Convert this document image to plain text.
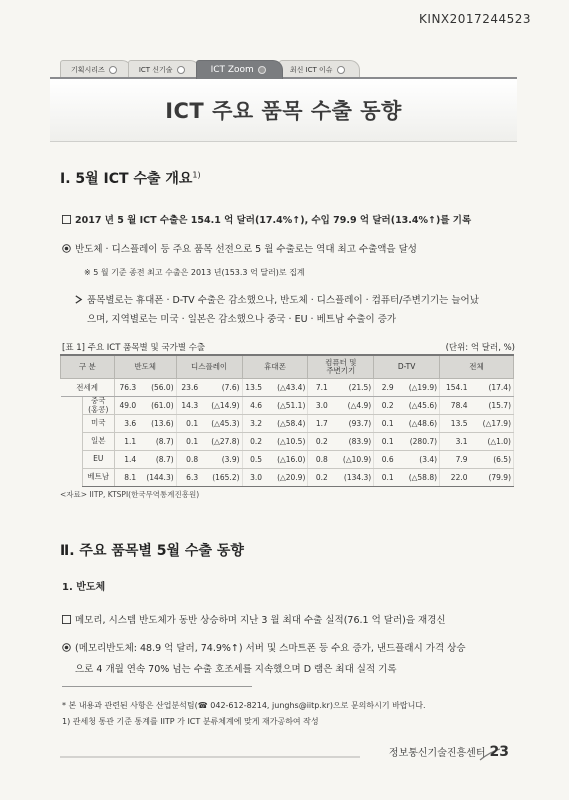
KINX2017244523
기획시리즈	ICT 신기술	ICT Zoom	최신 ICT 이슈
ICT 주요 품목 수출 동향
Ⅰ. 5월 ICT 수출 개요$^{1)}$
2017 년 5 월 ICT 수출은 154.1 억 달러(17.4%↑), 수입 79.9 억 달러(13.4%↑)를 기록
반도체 · 디스플레이 등 주요 품목 선전으로 5 월 수출로는 역대 최고 수출액을 달성
※ 5 월 기준 종전 최고 수출은 2013 년(153.3 억 달러)로 집계
품목별로는 휴대폰 · D-TV 수출은 감소했으나, 반도체 · 디스플레이 · 컴퓨터/주변기기는 늘어났
으며, 지역별로는 미국 · 일본은 감소했으나 중국 · EU · 베트남 수출이 증가
[표 1] 주요 ICT 품목별 및 국가별 수출	(단위: 억 달러, %)
구 분		반도체		디스플레이		휴대폰		컴퓨터 및
주변기기		D-TV		전체	
전세계		76.3	(56.0)	23.6	(7.6)	13.5	(△43.4)	7.1	(21.5)	2.9	(△19.9)	154.1	(17.4)
	중국
(홍콩)	49.0	(61.0)	14.3	(△14.9)	4.6	(△51.1)	3.0	(△4.9)	0.2	(△45.6)	78.4	(15.7)
	미국	3.6	(13.6)	0.1	(△45.3)	3.2	(△58.4)	1.7	(93.7)	0.1	(△48.6)	13.5	(△17.9)
	일본	1.1	(8.7)	0.1	(△27.8)	0.2	(△10.5)	0.2	(83.9)	0.1	(280.7)	3.1	(△1.0)
	EU	1.4	(8.7)	0.8	(3.9)	0.5	(△16.0)	0.8	(△10.9)	0.6	(3.4)	7.9	(6.5)
	베트남	8.1	(144.3)	6.3	(165.2)	3.0	(△20.9)	0.2	(134.3)	0.1	(△58.8)	22.0	(79.9)
<자료> IITP, KTSPI(한국무역통계진흥원)
Ⅱ. 주요 품목별 5월 수출 동향
1. 반도체
메모리, 시스템 반도체가 동반 상승하며 지난 3 월 최대 수출 실적(76.1 억 달러)을 재경신
(메모리반도체: 48.9 억 달러, 74.9%↑) 서버 및 스마트폰 등 수요 증가, 낸드플래시 가격 상승
으로 4 개월 연속 70% 넘는 수출 호조세를 지속했으며 D 램은 최대 실적 기록
* 본 내용과 관련된 사항은 산업분석팀(☎ 042-612-8214, junghs@iitp.kr)으로 문의하시기 바랍니다.
1) 관세청 통관 기준 통계를 IITP 가 ICT 분류체계에 맞게 재가공하여 작성
정보통신기술진흥센터 23
